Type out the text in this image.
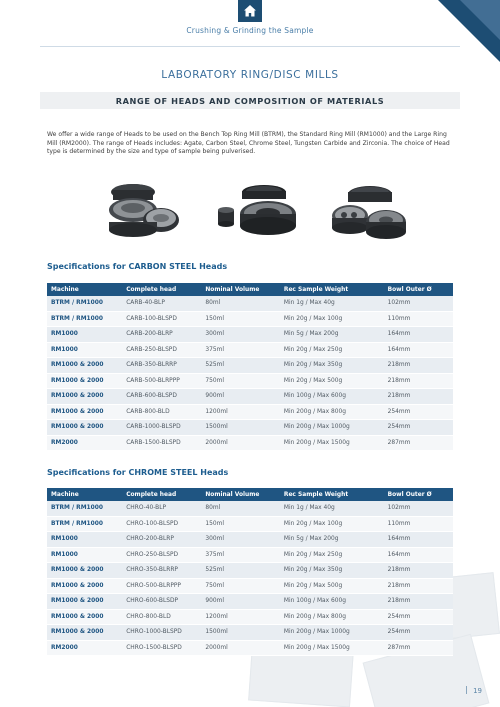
Crushing & Grinding the Sample
LABORATORY RING/DISC MILLS
RANGE OF HEADS AND COMPOSITION OF MATERIALS
We offer a wide range of Heads to be used on the Bench Top Ring Mill (BTRM), the Standard Ring Mill (RM1000) and the Large Ring Mill (RM2000). The range of Heads includes: Agate, Carbon Steel, Chrome Steel, Tungsten Carbide and Zirconia. The choice of Head type is determined by the size and type of sample being pulverised.
Specifications for CARBON STEEL Heads
Machine	Complete head	Nominal Volume	Rec Sample Weight	Bowl Outer Ø
BTRM / RM1000	CARB-40-BLP	80ml	Min 1g / Max 40g	102mm
BTRM / RM1000	CARB-100-BLSPD	150ml	Min 20g / Max 100g	110mm
RM1000	CARB-200-BLRP	300ml	Min 5g / Max 200g	164mm
RM1000	CARB-250-BLSPD	375ml	Min 20g / Max 250g	164mm
RM1000 & 2000	CARB-350-BLRRP	525ml	Min 20g / Max 350g	218mm
RM1000 & 2000	CARB-500-BLRPPP	750ml	Min 20g / Max 500g	218mm
RM1000 & 2000	CARB-600-BLSPD	900ml	Min 100g / Max 600g	218mm
RM1000 & 2000	CARB-800-BLD	1200ml	Min 200g / Max 800g	254mm
RM1000 & 2000	CARB-1000-BLSPD	1500ml	Min 200g / Max 1000g	254mm
RM2000	CARB-1500-BLSPD	2000ml	Min 200g / Max 1500g	287mm
Specifications for CHROME STEEL Heads
Machine	Complete head	Nominal Volume	Rec Sample Weight	Bowl Outer Ø
BTRM / RM1000	CHRO-40-BLP	80ml	Min 1g / Max 40g	102mm
BTRM / RM1000	CHRO-100-BLSPD	150ml	Min 20g / Max 100g	110mm
RM1000	CHRO-200-BLRP	300ml	Min 5g / Max 200g	164mm
RM1000	CHRO-250-BLSPD	375ml	Min 20g / Max 250g	164mm
RM1000 & 2000	CHRO-350-BLRRP	525ml	Min 20g / Max 350g	218mm
RM1000 & 2000	CHRO-500-BLRPPP	750ml	Min 20g / Max 500g	218mm
RM1000 & 2000	CHRO-600-BLSDP	900ml	Min 100g / Max 600g	218mm
RM1000 & 2000	CHRO-800-BLD	1200ml	Min 200g / Max 800g	254mm
RM1000 & 2000	CHRO-1000-BLSPD	1500ml	Min 200g / Max 1000g	254mm
RM2000	CHRO-1500-BLSPD	2000ml	Min 200g / Max 1500g	287mm
19
